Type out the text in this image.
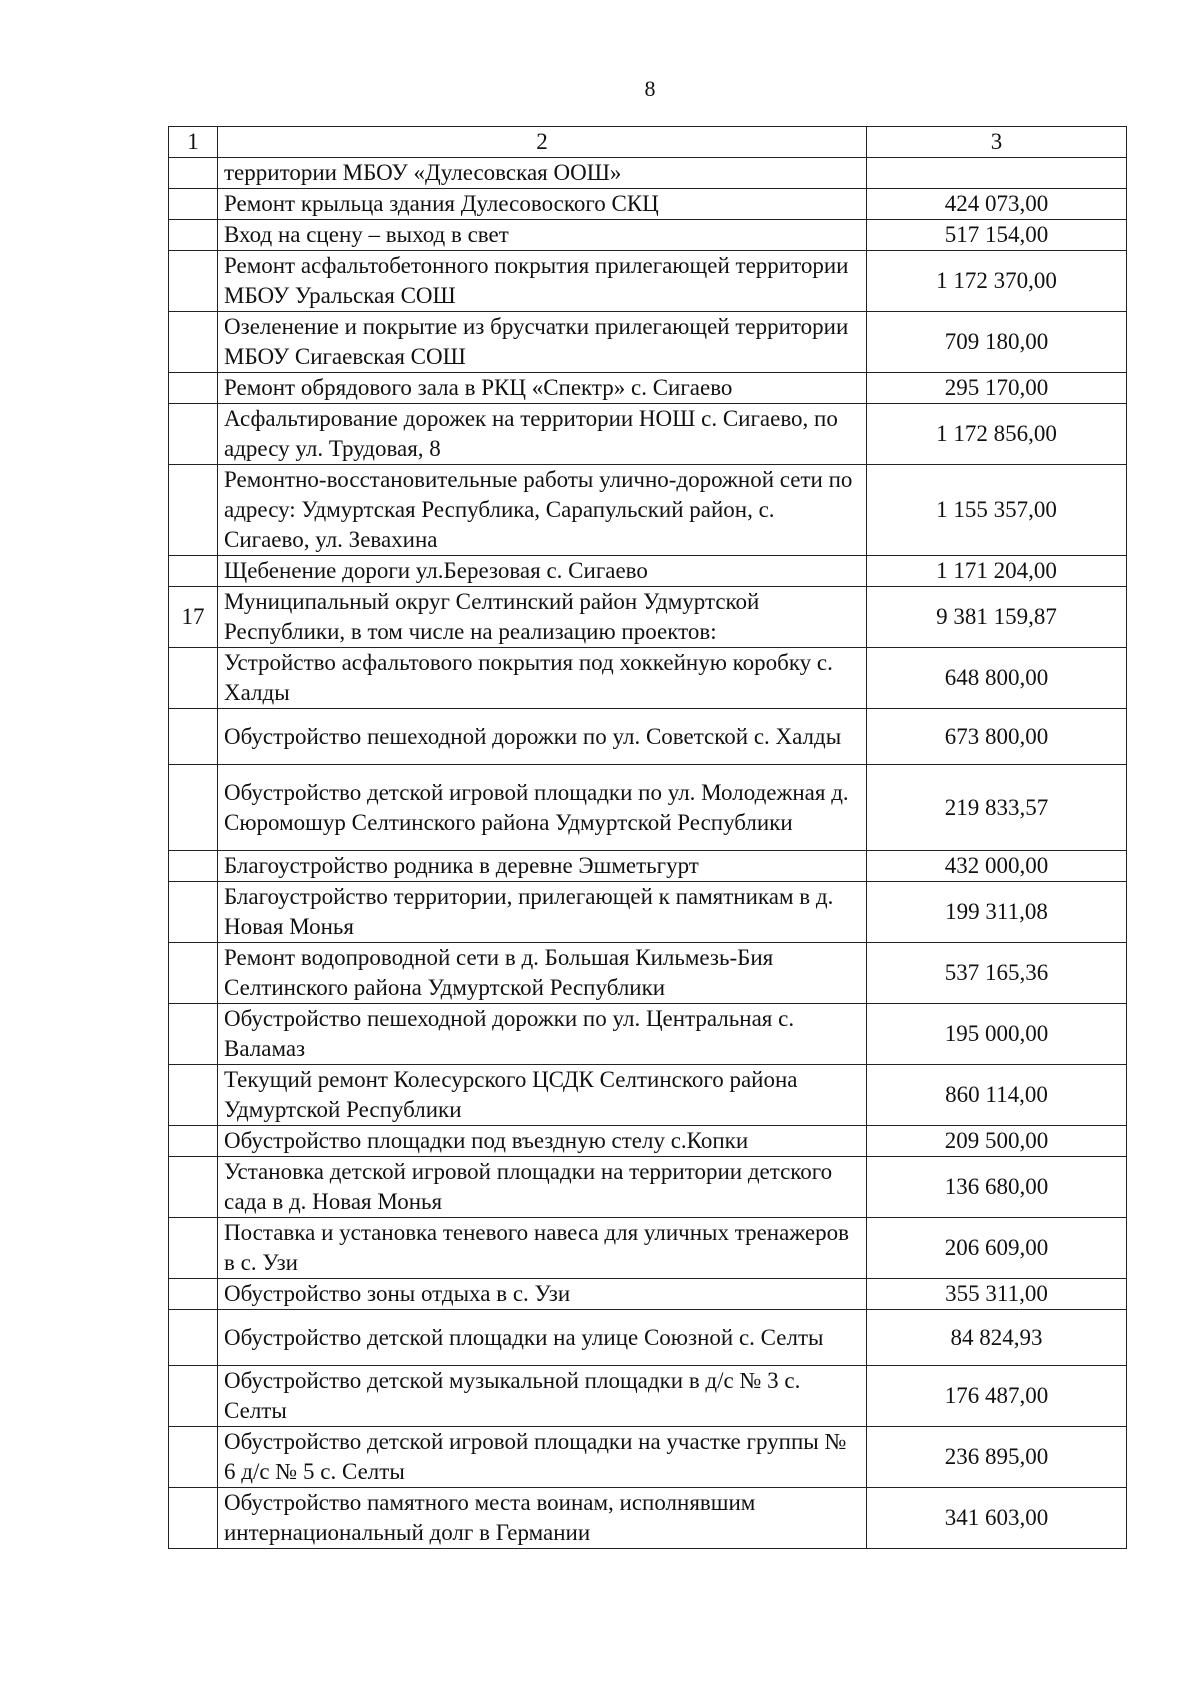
8
1	2	3
	территории МБОУ «Дулесовская ООШ»	
	Ремонт крыльца здания Дулесовоского СКЦ	424 073,00
	Вход на сцену – выход в свет	517 154,00
	Ремонт асфальтобетонного покрытия прилегающей территории МБОУ Уральская СОШ	1 172 370,00
	Озеленение и покрытие из брусчатки прилегающей территории МБОУ Сигаевская СОШ	709 180,00
	Ремонт обрядового зала в РКЦ «Спектр» с. Сигаево	295 170,00
	Асфальтирование дорожек на территории НОШ с. Сигаево, по адресу ул. Трудовая, 8	1 172 856,00
	Ремонтно-восстановительные работы улично-дорожной сети по адресу: Удмуртская Республика, Сарапульский район, с. Сигаево, ул. Зевахина	1 155 357,00
	Щебенение дороги ул.Березовая с. Сигаево	1 171 204,00
17	Муниципальный округ Селтинский район Удмуртской Республики, в том числе на реализацию проектов:	9 381 159,87
	Устройство асфальтового покрытия под хоккейную коробку с. Халды	648 800,00
	Обустройство пешеходной дорожки по ул. Советской с. Халды	673 800,00
	Обустройство детской игровой площадки по ул. Молодежная д. Сюромошур Селтинского района Удмуртской Республики	219 833,57
	Благоустройство родника в деревне Эшметьгурт	432 000,00
	Благоустройство территории, прилегающей к памятникам в д. Новая Монья	199 311,08
	Ремонт водопроводной сети в д. Большая Кильмезь-Бия Селтинского района Удмуртской Республики	537 165,36
	Обустройство пешеходной дорожки по ул. Центральная с. Валамаз	195 000,00
	Текущий ремонт Колесурского ЦСДК Селтинского района Удмуртской Республики	860 114,00
	Обустройство площадки под въездную стелу с.Копки	209 500,00
	Установка детской игровой площадки на территории детского сада в д. Новая Монья	136 680,00
	Поставка и установка теневого навеса для уличных тренажеров в с. Узи	206 609,00
	Обустройство зоны отдыха в с. Узи	355 311,00
	Обустройство детской площадки на улице Союзной с. Селты	84 824,93
	Обустройство детской музыкальной площадки в д/с № 3 с. Селты	176 487,00
	Обустройство детской игровой площадки на участке группы № 6 д/с № 5 с. Селты	236 895,00
	Обустройство памятного места воинам, исполнявшим интернациональный долг в Германии	341 603,00
